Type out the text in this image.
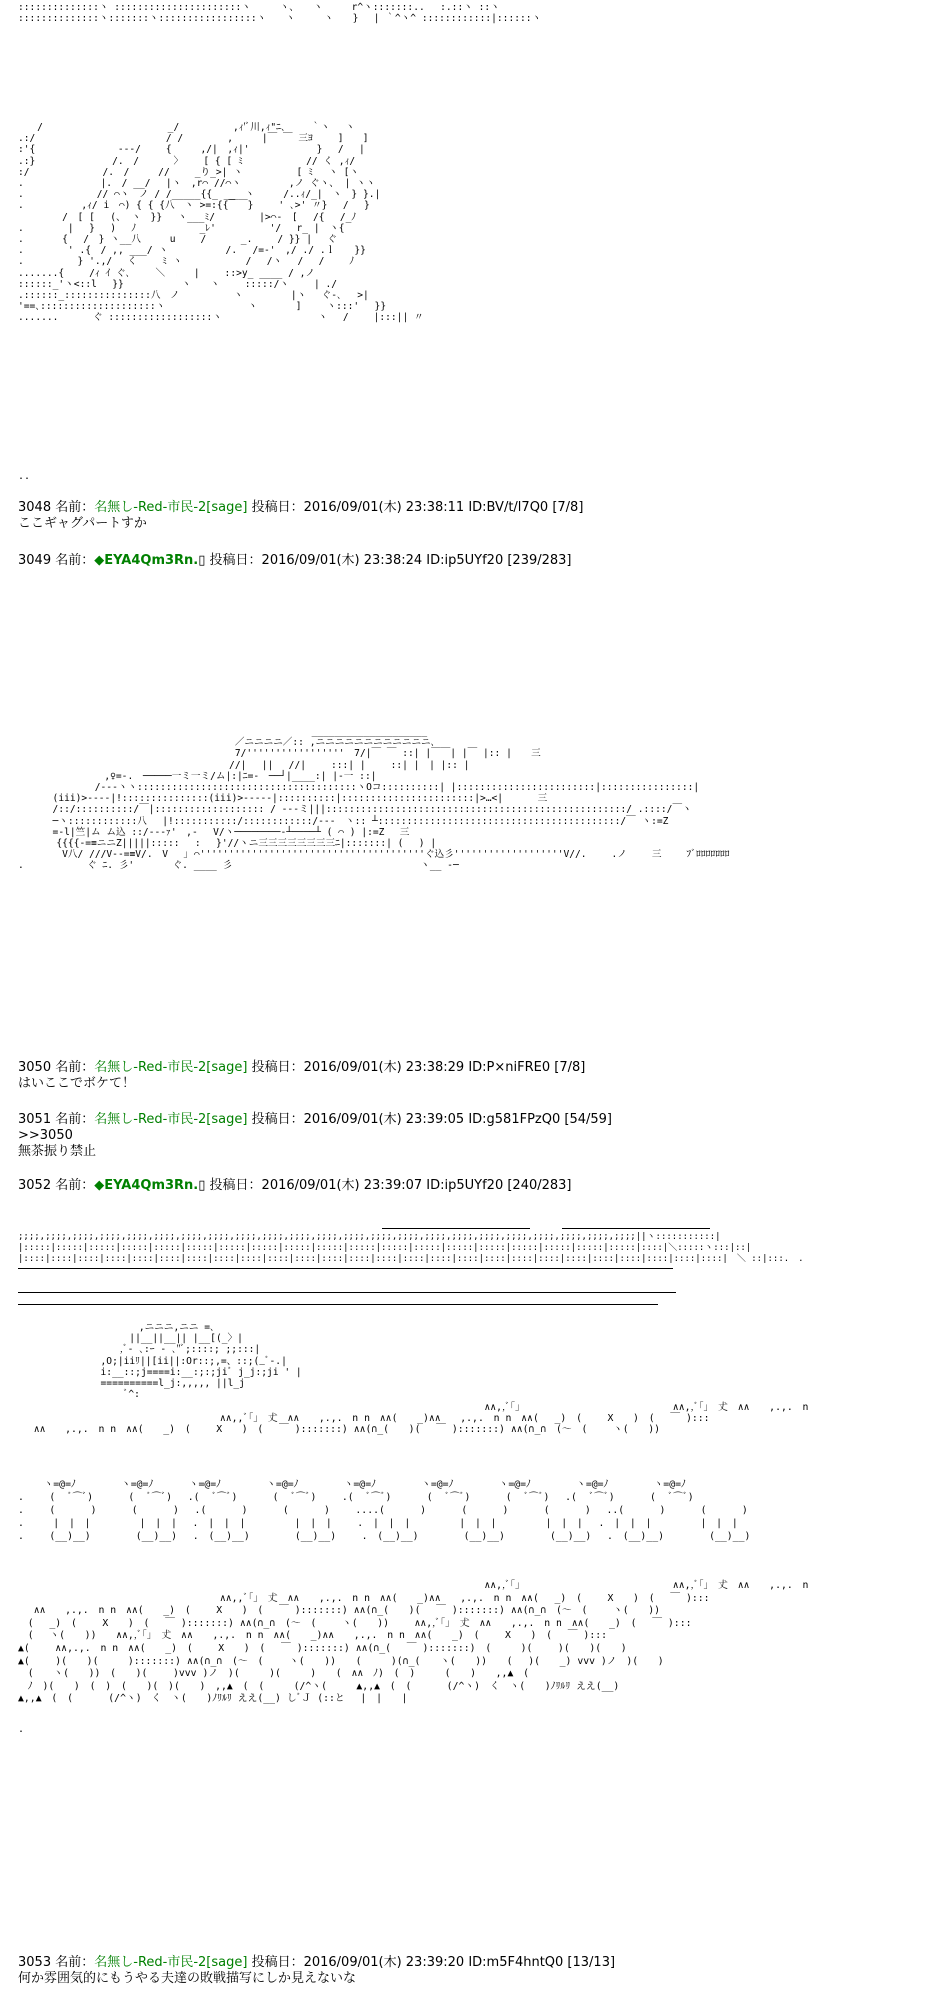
::::::::::::::ヽ ::::::::::::::::::::::ヽ　　　ヽ、　　ヽ　　　r^ヽ:::::::..　 :.::ヽ ::ヽ
::::::::::::::ヽ:::::::ヽ:::::::::::::::::ヽ　　ヽ　　　ヽ　　}　 | ｀^ヽ^ ::::::::::::|::::::ヽ
　　/　　　　　　　　　　　　　_/　　　　　 ,ｨ'ﾞ川,ｨ"ﾆ､　　 ｀ヽ　 ヽ
.:/　　　　　　　　　　　　　 / /　　　　 ,　　　|￣ ￣ 三ﾖ　　 ]　　]
:'{　　　　　　　　 ---/　　 {　　　,/|　,ｨ|'　　　　　　　}　 /　 |
.:}　　　　　　　　/.　/　　　 〉　　 [ { [ ﾐ　　　　　　 // く ,ｨ/
:/　　　　　　　 /.　/　　　//　　 _り_>| ヽ　　　　　 [ ﾐ　 ヽ [ヽ
.　　　　　　　　|.　/ __/ 　|ヽ　,r⌒ //⌒ヽ　　　　　,ノ ぐヽ、 | ヽヽ
.　　　　　　　 // ⌒ヽ　ノ / /_____{{_ __　ヽ　　　/..ｨ/_|　ヽ　} }.|
.　　　　　　,ｨ/ i　⌒) { { {八　ヽ >=:{{￣￣}　　 ' ､>' 〃}　 /　 }
　　　　 /　[ [　 (、 ヽ　}}　 ヽ___ﾐ/　　　　 |>⌒-　[　 /{　 /_ﾉ
.　　　　 |　 }　 ) 　ﾉ　　　　　　 _ﾚ'　　　　　 '/　 r_ |　ヽ{
.　　　　{　 /　} ヽ__八　　　u　　 /　　　 _.　　 / }} |　 ぐ
.　　　　 ' .{　/ ,, ___/ ヽ　　　　　　/.　 /=-'　,/ ./ .ｌ　　}}
.　　　　　 } '.,/　 く　　 ﾐ ヽ　　　　　　 /　 /ヽ　 / 　/　　 ﾉ
.......{　　 /ｨ ｲ ぐ､　　 ＼　　　|　　 ::>y_ ____ / ,ノ
::::::_'ヽ<::l　 }}　　　　　　ヽ　　ヽ　　 :::::/ヽ　　 | ./
.::::::_:::::::::::::::八　ノ　　　　　 ヽ　　　　　|ヽ　 ぐ-､　 >|
'==､::::::::::::::::::::ヽ　　　　　　　　 ヽ　　　　]　　 ヽ:::'　 }}
.......　　　 ぐ ::::::::::::::::::ヽ　　　　　　　　　　ヽ　 /　　 |:::|| 〃
..
3048 名前：名無し-Red-市民-2[sage] 投稿日：2016/09/01(木) 23:38:11 ID:BV/t/l7Q0 [7/8]
ここギャグパートすか
3049 名前：◆EYA4Qm3Rn.▯ 投稿日：2016/09/01(木) 23:38:24 ID:ip5UYf20 [239/283]
　　　　　　　　　　　　　　　　　　　　　　　　　　　　　　 ____________________
　　　　　　　　　　　　　　　　　　　　　　 ／ニニニニ／:: ,ニニニニニニニニニニニニ､
　　　　　　　　　　　　　　　　　　　　　　 7/'''''''''''''''''　7/|￣ ￣ ::| |￣￣| |￣ |:: |　　三
　　　　　　　　　　　　　　　　　　　　　　//|　 ||　 //|　　 :::| |　　 ::| |　| |:: |
　　　　　　　　　,♀=-.　─────一ミ一ミ/ム|:|ﾆ=-　──┘|____:| |-一 ::|
　　　　　　　　/---ヽヽ::::::::::::::::::::::::::::::::::::::ヽOコ::::::::::| |::::::::::::::::::::::::|::::::::::::::::|
　　　 (iii)>----|!:::::::::::::::(iii)>-----|::::::::::|:::::::::::::::::::::::|>…<|　　　 三
　　　 /::/::::::::::/￣|::::::::::::::::::: / ---ミ|||::::::::::::::::::::::::::::::::::::::::::::::::::::/ .::::/￣ヽ
　　　 ─ヽ::::::::::::八　 |!:::::::::::/::::::::::::/---　ヽ:: ┴::::::::::::::::::::::::::::::::::::::::::/￣ ヽ:=Z
　　　 =-l|竺|ム ム込 ::/---ｧ'　,-　 V/ヽ────────-┴────┴ ( ⌒ ) |:=Z　 三
　　　　{{{{-=≡ニニZ|||||:::::　 :　 }'//ヽニ三三三三三三三三ﾆ|:::::::| (　 ) |
　　　　 V八/ ///V--=≡V/.　V　 ｣ ⌒'''''''''''''''''''''''''''''''''''''''ぐ込彡'''''''''''''''''''V//.　　 .ノ　　 三　　 ﾌﾞﾛﾛﾛﾛﾛﾛﾛ
.　　　　　　 ぐ ﾆ. 彡'　　　　ぐ. ____ 彡　　　　　　　　　　　　　　　　　　　 ヽ__ -─
3050 名前：名無し-Red-市民-2[sage] 投稿日：2016/09/01(木) 23:38:29 ID:P×niFRE0 [7/8]
はいここでボケて！
3051 名前：名無し-Red-市民-2[sage] 投稿日：2016/09/01(木) 23:39:05 ID:g581FPzQ0 [54/59]
>>3050
無茶振り禁止
3052 名前：◆EYA4Qm3Rn.▯ 投稿日：2016/09/01(木) 23:39:07 ID:ip5UYf20 [240/283]
;;;;,;;;;,;;;;,;;;;,;;;;,;;;;,;;;;,;;;;,;;;;,;;;;,;;;;,;;;;,;;;;,;;;;,;;;;,;;;;,;;;;,;;;;,;;;;,;;;;,;;;;,;;;;,;;;;||ヽ:::::::::::|
|:::::|:::::|:::::|:::::|:::::|:::::|:::::|:::::|:::::|:::::|:::::|:::::|:::::|:::::|:::::|:::::|:::::|:::::|:::::|::::|＼:::::ヽ:::|::|
|::::|::::|::::|::::|::::|::::|::::|::::|::::|::::|::::|::::|::::|::::|::::|::::|::::|::::|::::|::::|::::|::::|::::|::::|::::|::::|　＼ ::|:::.　.
　　　　　　　　　　　　 ,ニニニ,ニニ =､
　　　　　　　　　　　 ||__||__|| |__[(_〉|
　　　　　　　　　　 ,ﾞ- ､:ｰ - ､"ﾞ;::::; ;;:::|
　　　　　　　　 ,O;|iiﾘ||[ii||:Or::;,=、::;(_ﾞ-.|
　　　　　　　　 i:__::;j====i:__:;:;jiﾞ j_j:;ji ' |
　　　　　　　　 ==========l_j:,,,,, ||l_j
　　　　　　　　　　　ﾞ^:
　　　　　　　　　　　　　　　　　　　　　　　　　　　　　　　　　　　　　　　　　　　　　　　 ∧∧,,ﾞ｢｣　　　　　　　　　　　　　　　 ∧∧,,ﾞ｢｣　𠀋　∧∧　　,.,.　n
　　　　　　　　　　　　　　　　　　　　 ∧∧,,ﾞ｢｣　𠀋　∧∧　　,.,.　n n　∧∧(　　_)∧∧　　,.,.　n n　∧∧(　 _)　(　　 X　　)　(　 ￣ ):::
　 ∧∧　　,.,.　n n　∧∧(　　_)　(　　 X　　)　(　 ￣ ):::::::) ∧∧(∩_(　　)(　 ￣ ):::::::) ∧∧(∩_∩　(～　(　　 ヽ(　　))
　　 ヽ=@=ﾉ　　　　 ヽ=@=ﾉ　　　 ヽ=@=ﾉ　　　　 ヽ=@=ﾉ　　　　 ヽ=@=ﾉ　　　　 ヽ=@=ﾉ　　　　 ヽ=@=ﾉ　　　　 ヽ=@=ﾉ　　　　 ヽ=@=ﾉ
.　　 (　 ﾞ⌒ﾞ)　　　 (　 ﾞ⌒ﾞ)　 .(　 ﾞ⌒ﾞ)　　　 (　 ﾞ⌒ﾞ)　　 .(　 ﾞ⌒ﾞ)　　　 (　 ﾞ⌒ﾞ)　　　 (　 ﾞ⌒ﾞ)　 .(　 ﾞ⌒ﾞ)　　　 (　 ﾞ⌒ﾞ)
.　　 (　　　 )　　　 (　　　 )　 .(　　　 )　　　 (　　　 )　　 ....(　　　 )　　　 (　　　 )　　　 (　　　 )　 ..(　　　 )　　　 (　　　 )
.　　　|　|　|　　　　　|　|　|　 .　|　|　|　　　　　|　|　|　　 .　|　|　|　　　　　|　|　|　　　　　|　|　|　 .　|　|　|　　　　　|　|　|
.　　 (__)__)　　　　 (__)__)　 .　(__)__)　　　　 (__)__)　　 .　(__)__)　　　　 (__)__)　　　　 (__)__)　 .　(__)__)　　　　 (__)__)
　　　　　　　　　　　　　　　　　　　　　　　　　　　　　　　　　　　　　　　　　　　　　　　 ∧∧,,ﾞ｢｣　　　　　　　　　　　　　　　 ∧∧,,ﾞ｢｣　𠀋　∧∧　　,.,.　n
　　　　　　　　　　　　　　　　　　　　 ∧∧,,ﾞ｢｣　𠀋　∧∧　　,.,.　n n　∧∧(　　_)∧∧　　,.,.　n n　∧∧(　 _)　(　　 X　　)　(　 ￣ ):::
　 ∧∧　　,.,.　n n　∧∧(　　_)　(　　 X　　)　(　 ￣ ):::::::) ∧∧(∩_(　　)(　 ￣ ):::::::) ∧∧(∩_∩　(～　(　　 ヽ(　　))
　(　 _)　(　　 X　　)　(　 ￣ ):::::::) ∧∧(∩_∩　(～　(　　 ヽ(　　))　　 ∧∧,,ﾞ｢｣　𠀋　∧∧　　,.,.　n n　∧∧(　　_)　(　 ￣ ):::
　(　 ヽ(　　))　　∧∧,,ﾞ｢｣　𠀋　∧∧　　,.,.　n n　∧∧(　　_)∧∧　　,.,.　n n　∧∧(　　_)　(　　 X　　)　(　 ￣ ):::
▲(　　 ∧∧,.,.　n n　∧∧(　　_)　(　　 X　　)　(　 ￣ ):::::::) ∧∧(∩_(　 ￣ ):::::::)　(　　　)(　　 )(　　)(　　)
▲(　　 )(　　)(　　　):::::::) ∧∧(∩_∩　(～　(　　 ヽ(　　))　　(　　　)(∩_(　　ヽ(　　))　　(　 )(　　_) vvv )ノ　)(　　)
　(　　ヽ(　　))　(　　)(　　 )vvv )ノ　)(　　　)(　　　)　　(　∧∧　ﾉ)　(　)　　　(　　)　　,,▲　(
　ﾉ　)(　　)　(　)　(　　)(　)(　　)　,,▲　(　(　　　(/^ヽ(　　　▲,,▲　(　(　　　 (/^ヽ)　く　ヽ(　　)ﾉﾘﾙﾘ ええ(__)
▲,,▲　(　(　　　 (/^ヽ)　く　ヽ(　　)ﾉﾘﾙﾘ ええ(__) しﾞＪ (::と　 |　|　　|
.
3053 名前：名無し-Red-市民-2[sage] 投稿日：2016/09/01(木) 23:39:20 ID:m5F4hntQ0 [13/13]
何か雰囲気的にもうやる夫達の敗戦描写にしか見えないな
